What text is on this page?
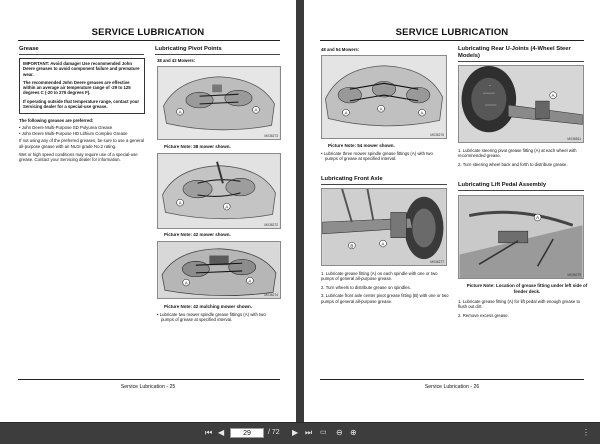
SERVICE LUBRICATION
Grease

IMPORTANT: Avoid damage! Use recommended John Deere greases to avoid component failure and premature wear.

The recommended John Deere greases are effective within an average air temperature range of -29 to 125 degrees C (-20 to 275 degrees F).

If operating outside that temperature range, contact your Servicing dealer for a special-use grease.

The following greases are preferred:
• John Deere Multi-Purpose SD Polyurea Grease
• John Deere Multi-Purpose HD Lithium Complex Grease
If not using any of the preferred greases, be sure to use a general all-purpose grease with an NLGI grade No.2 rating.
Wet or high speed conditions may require use of a special-use grease. Contact your Servicing dealer for information.
Lubricating Pivot Points
38 and 42 Mowers:
A	A
MX36273
Picture Note: 38 mower shown.
A
A
MX36272
Picture Note: 42 mower shown.
A	A
MX36274
Picture Note: 42 mulching mower shown.
• Lubricate two mower spindle grease fittings (A) with two
pumps of grease at specified interval.
Service Lubrication - 25
SERVICE LUBRICATION
48 and 54 Mowers:
A
A
A
MX36276
Picture Note: 54 mower shown.
• Lubricate three mower spindle grease fittings (A) with two
pumps of grease at specified interval.
Lubricating Front Axle
A
B
MX36277
1. Lubricate grease fitting (A) on each spindle with one or two pumps of general all-purpose grease.
2. Turn wheels to distribute grease on spindles.
3. Lubricate front axle center pivot grease fitting (B) with one or two pumps of general all-purpose grease.
Lubricating Rear U-Joints (4-Wheel Steer Models)
A
MX36361
1. Lubricate steering pivot grease fitting (A) at each wheel with recommended grease.
2. Turn steering wheel back and forth to distribute grease.
Lubricating Lift Pedal Assembly
A
MX36275
Picture Note: Location of grease fitting under left side of fender deck.
1. Lubricate grease fitting (A) for lift pedal with enough grease to flush out dirt.
2. Remove excess grease.
Service Lubrication - 26
⏮ ◀	29	/ 72 ▶ ⏭ ▭ ⊖ ⊕	⋮
